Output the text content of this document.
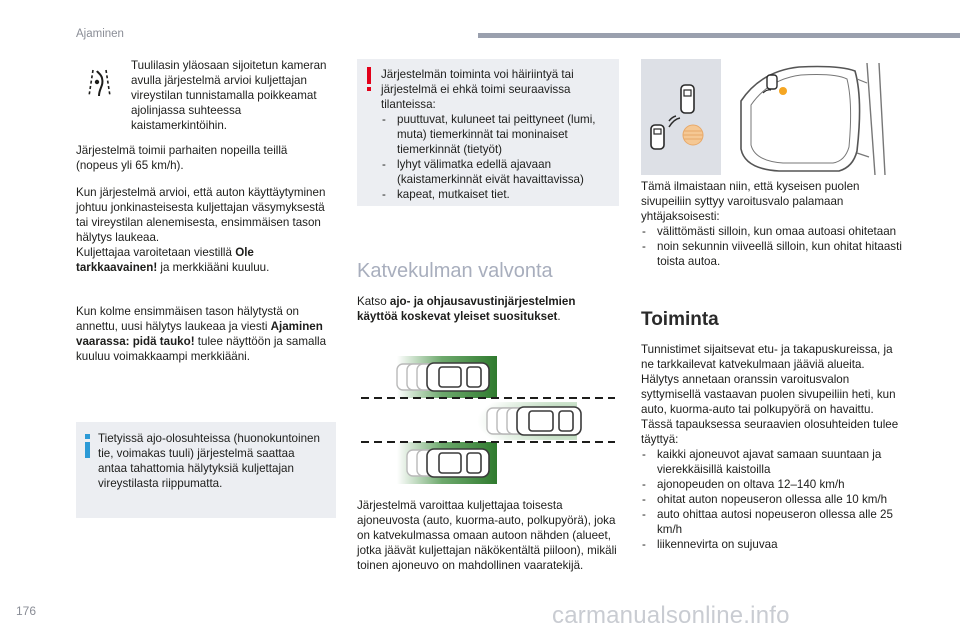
Ajaminen

Tuulilasin yläosaan sijoitetun kameran avulla järjestelmä arvioi kuljettajan vireystilan tunnistamalla poikkeamat ajolinjassa suhteessa kaistamerkintöihin.

Järjestelmä toimii parhaiten nopeilla teillä (nopeus yli 65 km/h).

Kun järjestelmä arvioi, että auton käyttäytyminen johtuu jonkinasteisesta kuljettajan väsymyksestä tai vireystilan alenemisesta, ensimmäisen tason hälytys laukeaa.

Kuljettajaa varoitetaan viestillä Ole tarkkaavainen! ja merkkiääni kuuluu.

Kun kolme ensimmäisen tason hälytystä on annettu, uusi hälytys laukeaa ja viesti Ajaminen vaarassa: pidä tauko! tulee näyttöön ja samalla kuuluu voimakkaampi merkkiääni.

Tietyissä ajo-olosuhteissa (huonokuntoinen tie, voimakas tuuli) järjestelmä saattaa antaa tahattomia hälytyksiä kuljettajan vireystilasta riippumatta.

Järjestelmän toiminta voi häiriintyä tai järjestelmä ei ehkä toimi seuraavissa tilanteissa:

- puuttuvat, kuluneet tai peittyneet (lumi, muta) tiemerkinnät tai moninaiset tiemerkinnät (tietyöt)
- lyhyt välimatka edellä ajavaan (kaistamerkinnät eivät havaittavissa)
- kapeat, mutkaiset tiet.
Katvekulman valvonta

Katso ajo- ja ohjausavustinjärjestelmien käyttöä koskevat yleiset suositukset.

Järjestelmä varoittaa kuljettajaa toisesta ajoneuvosta (auto, kuorma-auto, polkupyörä), joka on katvekulmassa omaan autoon nähden (alueet, jotka jäävät kuljettajan näkökentältä piiloon), mikäli toinen ajoneuvo on mahdollinen vaaratekijä.

Tämä ilmaistaan niin, että kyseisen puolen sivupeiliin syttyy varoitusvalo palamaan yhtäjaksoisesti:

- välittömästi silloin, kun omaa autoasi ohitetaan
- noin sekunnin viiveellä silloin, kun ohitat hitaasti toista autoa.
Toiminta

Tunnistimet sijaitsevat etu- ja takapuskureissa, ja ne tarkkailevat katvekulmaan jääviä alueita.

Hälytys annetaan oranssin varoitusvalon syttymisellä vastaavan puolen sivupeiliin heti, kun auto, kuorma-auto tai polkupyörä on havaittu.

Tässä tapauksessa seuraavien olosuhteiden tulee täyttyä:

- kaikki ajoneuvot ajavat samaan suuntaan ja vierekkäisillä kaistoilla
- ajonopeuden on oltava 12–140 km/h
- ohitat auton nopeuseron ollessa alle 10 km/h
- auto ohittaa autosi nopeuseron ollessa alle 25 km/h
- liikennevirta on sujuvaa
176	carmanualsonline.info
